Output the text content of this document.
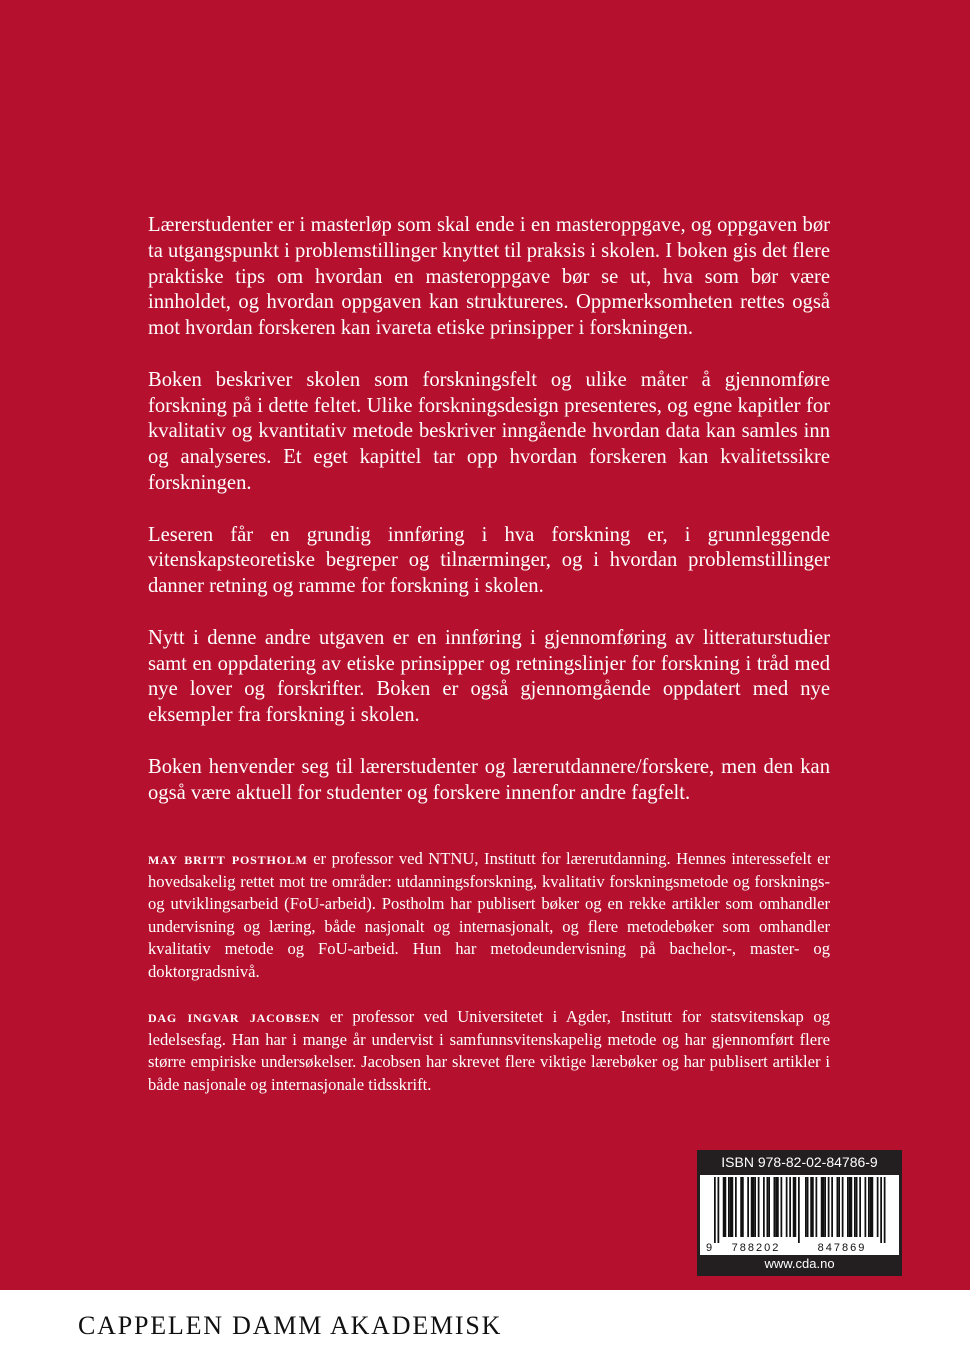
Lærerstudenter er i masterløp som skal ende i en masteroppgave, og oppgaven bør ta utgangspunkt i problemstillinger knyttet til praksis i skolen. I boken gis det flere praktiske tips om hvordan en masteroppgave bør se ut, hva som bør være innholdet, og hvordan oppgaven kan struktureres. Oppmerksomheten rettes også mot hvordan forskeren kan ivareta etiske prinsipper i forskningen.

Boken beskriver skolen som forskningsfelt og ulike måter å gjennomføre forskning på i dette feltet. Ulike forskningsdesign presenteres, og egne kapitler for kvalitativ og kvantitativ metode beskriver inngående hvordan data kan samles inn og analyseres. Et eget kapittel tar opp hvordan forskeren kan kvalitetssikre forskningen.

Leseren får en grundig innføring i hva forskning er, i grunnleggende vitenskapsteoretiske begreper og tilnærminger, og i hvordan problemstillinger danner retning og ramme for forskning i skolen.

Nytt i denne andre utgaven er en innføring i gjennomføring av litteraturstudier samt en oppdatering av etiske prinsipper og retningslinjer for forskning i tråd med nye lover og forskrifter. Boken er også gjennomgående oppdatert med nye eksempler fra forskning i skolen.

Boken henvender seg til lærerstudenter og lærerutdannere/forskere, men den kan også være aktuell for studenter og forskere innenfor andre fagfelt.

may britt postholm er professor ved NTNU, Institutt for lærerutdanning. Hennes interessefelt er hovedsakelig rettet mot tre områder: utdanningsforskning, kvalitativ forskningsmetode og forsknings- og utviklingsarbeid (FoU-arbeid). Postholm har publisert bøker og en rekke artikler som omhandler undervisning og læring, både nasjonalt og internasjonalt, og flere metodebøker som omhandler kvalitativ metode og FoU-arbeid. Hun har metodeundervisning på bachelor-, master- og doktorgradsnivå.

dag ingvar jacobsen er professor ved Universitetet i Agder, Institutt for statsvitenskap og ledelsesfag. Han har i mange år undervist i samfunnsvitenskapelig metode og har gjennomført flere større empiriske undersøkelser. Jacobsen har skrevet flere viktige lærebøker og har publisert artikler i både nasjonale og internasjonale tidsskrift.

ISBN 978-82-02-84786-9
9 788202	847869
www.cda.no
CAPPELEN DAMM AKADEMISK
